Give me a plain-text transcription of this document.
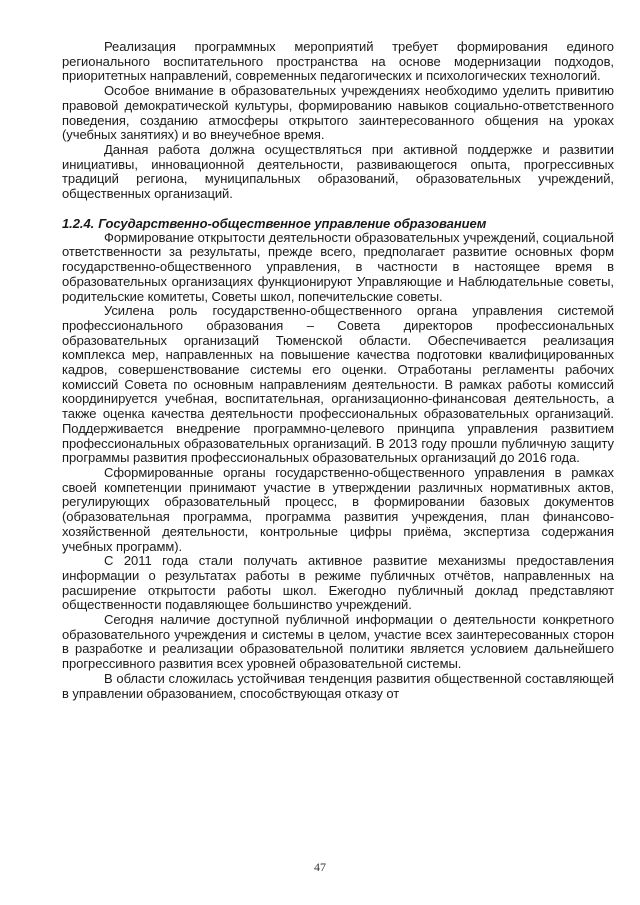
Реализация программных мероприятий требует формирования единого регионального воспитательного пространства на основе модернизации подходов, приоритетных направлений, современных педагогических и психологических технологий.

Особое внимание в образовательных учреждениях необходимо уделить привитию правовой демократической культуры, формированию навыков социально-ответственного поведения, созданию атмосферы открытого заинтересованного общения на уроках (учебных занятиях) и во внеучебное время.

Данная работа должна осуществляться при активной поддержке и развитии инициативы, инновационной деятельности, развивающегося опыта, прогрессивных традиций региона, муниципальных образований, образовательных учреждений, общественных организаций.

1.2.4. Государственно-общественное управление образованием

Формирование открытости деятельности образовательных учреждений, социальной ответственности за результаты, прежде всего, предполагает развитие основных форм государственно-общественного управления, в частности в настоящее время в образовательных организациях функционируют Управляющие и Наблюдательные советы, родительские комитеты, Советы школ, попечительские советы.

Усилена роль государственно-общественного органа управления системой профессионального образования – Совета директоров профессиональных образовательных организаций Тюменской области. Обеспечивается реализация комплекса мер, направленных на повышение качества подготовки квалифицированных кадров, совершенствование системы его оценки. Отработаны регламенты рабочих комиссий Совета по основным направлениям деятельности. В рамках работы комиссий координируется учебная, воспитательная, организационно-финансовая деятельность, а также оценка качества деятельности профессиональных образовательных организаций. Поддерживается внедрение программно-целевого принципа управления развитием профессиональных образовательных организаций. В 2013 году прошли публичную защиту программы развития профессиональных образовательных организаций до 2016 года.

Сформированные органы государственно-общественного управления в рамках своей компетенции принимают участие в утверждении различных нормативных актов, регулирующих образовательный процесс, в формировании базовых документов (образовательная программа, программа развития учреждения, план финансово-хозяйственной деятельности, контрольные цифры приёма, экспертиза содержания учебных программ).

С 2011 года стали получать активное развитие механизмы предоставления информации о результатах работы в режиме публичных отчётов, направленных на расширение открытости работы школ. Ежегодно публичный доклад представляют общественности подавляющее большинство учреждений.

Сегодня наличие доступной публичной информации о деятельности конкретного образовательного учреждения и системы в целом, участие всех заинтересованных сторон в разработке и реализации образовательной политики является условием дальнейшего прогрессивного развития всех уровней образовательной системы.

В области сложилась устойчивая тенденция развития общественной составляющей в управлении образованием, способствующая отказу от

47
